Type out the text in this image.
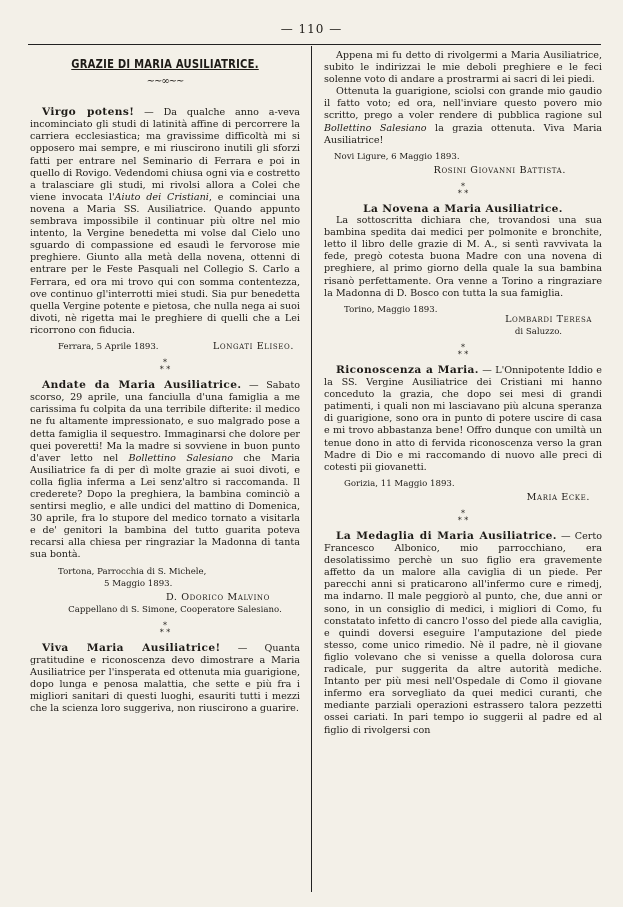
— 110 —
GRAZIE DI MARIA AUSILIATRICE.
~~∞~~

Virgo potens! — Da qualche anno a-veva incominciato gli studi di latinità affine di percorrere la carriera ecclesiastica; ma gravissime difficoltà mi si opposero mai sempre, e mi riuscirono inutili gli sforzi fatti per entrare nel Seminario di Ferrara e poi in quello di Rovigo. Vedendomi chiusa ogni via e costretto a tralasciare gli studi, mi rivolsi allora a Colei che viene invocata l'Aiuto dei Cristiani, e cominciai una novena a Maria SS. Ausiliatrice. Quando appunto sembrava impossibile il continuar più oltre nel mio intento, la Vergine benedetta mi volse dal Cielo uno sguardo di compassione ed esaudì le fervorose mie preghiere. Giunto alla metà della novena, ottenni di entrare per le Feste Pasquali nel Collegio S. Carlo a Ferrara, ed ora mi trovo qui con somma contentezza, ove continuo gl'interrotti miei studi. Sia pur benedetta quella Vergine potente e pietosa, che nulla nega ai suoi divoti, nè rigetta mai le preghiere di quelli che a Lei ricorrono con fiducia.

Ferrara, 5 Aprile 1893.	Longati Eliseo.

*
* *

Andate da Maria Ausiliatrice. — Sabato scorso, 29 aprile, una fanciulla d'una famiglia a me carissima fu colpita da una terribile difterite: il medico ne fu altamente impressionato, e suo malgrado pose a detta famiglia il sequestro. Immaginarsi che dolore per quei poveretti! Ma la madre si sovviene in buon punto d'aver letto nel Bollettino Salesiano che Maria Ausiliatrice fa di per dì molte grazie ai suoi divoti, e colla figlia inferma a Lei senz'altro si raccomanda. Il crederete? Dopo la preghiera, la bambina cominciò a sentirsi meglio, e alle undici del mattino di Domenica, 30 aprile, fra lo stupore del medico tornato a visitarla e de' genitori la bambina del tutto guarita poteva recarsi alla chiesa per ringraziar la Madonna di tanta sua bontà.

Tortona, Parrocchia di S. Michele,

5 Maggio 1893.

D. Odorico Malvino

Cappellano di S. Simone, Cooperatore Salesiano.

*
* *

Viva Maria Ausiliatrice! — Quanta gratitudine e riconoscenza devo dimostrare a Maria Ausiliatrice per l'insperata ed ottenuta mia guarigione, dopo lunga e penosa malattia, che sette e più fra i migliori sanitari di questi luoghi, esauriti tutti i mezzi che la scienza loro suggeriva, non riuscirono a guarire.

Appena mi fu detto di rivolgermi a Maria Ausiliatrice, subito le indirizzai le mie deboli preghiere e le feci solenne voto di andare a prostrarmi ai sacri di lei piedi.

Ottenuta la guarigione, sciolsi con grande mio gaudio il fatto voto; ed ora, nell'inviare questo povero mio scritto, prego a voler rendere di pubblica ragione sul Bollettino Salesiano la grazia ottenuta. Viva Maria Ausiliatrice!

Novi Ligure, 6 Maggio 1893.

Rosini Giovanni Battista.

*
* *

La Novena a Maria Ausiliatrice.

La sottoscritta dichiara che, trovandosi una sua bambina spedita dai medici per polmonite e bronchite, letto il libro delle grazie di M. A., si sentì ravvivata la fede, pregò cotesta buona Madre con una novena di preghiere, al primo giorno della quale la sua bambina risanò perfettamente. Ora venne a Torino a ringraziare la Madonna di D. Bosco con tutta la sua famiglia.

Torino, Maggio 1893.

Lombardi Teresa

di Saluzzo.

*
* *

Riconoscenza a Maria. — L'Onnipotente Iddio e la SS. Vergine Ausiliatrice dei Cristiani mi hanno conceduto la grazia, che dopo sei mesi di grandi patimenti, i quali non mi lasciavano più alcuna speranza di guarigione, sono ora in punto di potere uscire di casa e mi trovo abbastanza bene! Offro dunque con umiltà un tenue dono in atto di fervida riconoscenza verso la gran Madre di Dio e mi raccomando di nuovo alle preci di cotesti pii giovanetti.

Gorizia, 11 Maggio 1893.

Maria Ecke.

*
* *

La Medaglia di Maria Ausiliatrice. — Certo Francesco Albonico, mio parrocchiano, era desolatissimo perchè un suo figlio era gravemente affetto da un malore alla caviglia di un piede. Per parecchi anni si praticarono all'infermo cure e rimedj, ma indarno. Il male peggiorò al punto, che, due anni or sono, in un consiglio di medici, i migliori di Como, fu constatato infetto di cancro l'osso del piede alla caviglia, e quindi doversi eseguire l'amputazione del piede stesso, come unico rimedio. Nè il padre, nè il giovane figlio volevano che si venisse a quella dolorosa cura radicale, pur suggerita da altre autorità mediche. Intanto per più mesi nell'Ospedale di Como il giovane infermo era sorvegliato da quei medici curanti, che mediante parziali operazioni estrassero talora pezzetti ossei cariati. In pari tempo io suggerii al padre ed al figlio di rivolgersi con
